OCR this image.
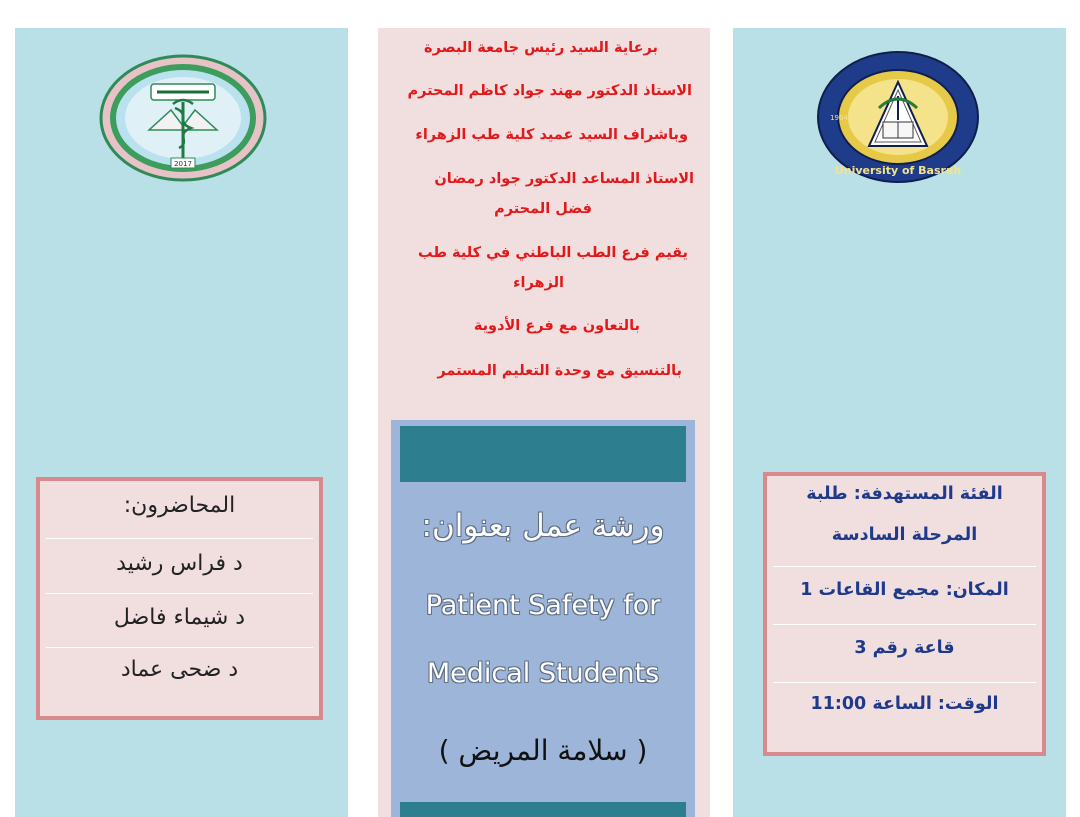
2017
المحاضرون:
د فراس رشيد
د شيماء فاضل
د ضحى عماد
برعاية السيد رئيس جامعة البصرة
الاستاذ الدكتور مهند جواد كاظم المحترم
وباشراف السيد عميد كلية طب الزهراء
الاستاذ المساعد الدكتور جواد رمضان
فضل المحترم
يقيم فرع الطب الباطني في كلية طب
الزهراء
بالتعاون مع فرع الأدوية
بالتنسيق مع وحدة التعليم المستمر
ورشة عمل بعنوان:
Patient Safety for
Medical Students
( سلامة المريض )
University of Basrah
1964
الفئة المستهدفة: طلبة
المرحلة السادسة
المكان: مجمع القاعات 1
قاعة رقم 3
الوقت: الساعة 11:00
